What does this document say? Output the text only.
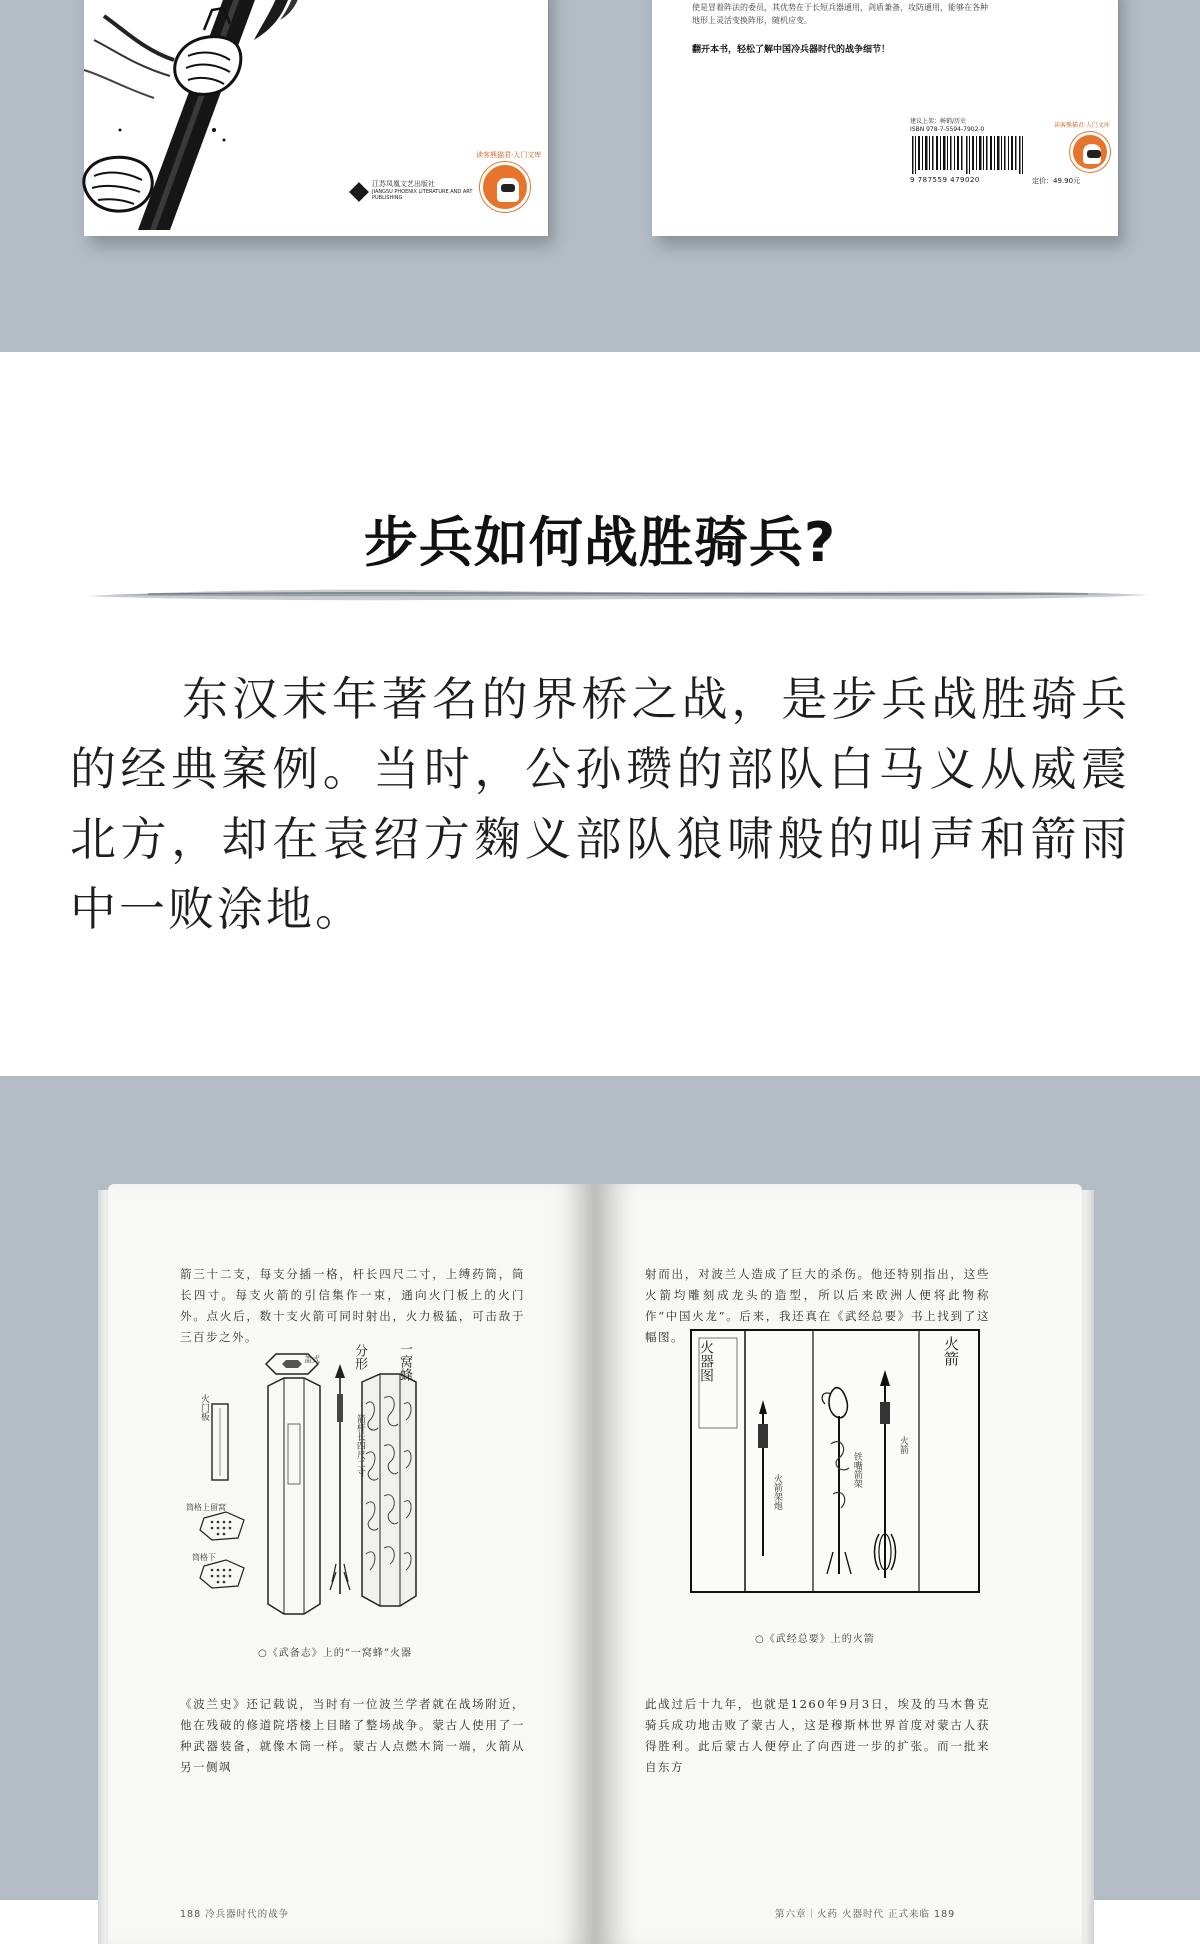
江苏凤凰文艺出版社
JIANGSU PHOENIX LITERATURE AND ART PUBLISHING
读客熊猫君·人门文库
使是冒着阵法的委员，其优势在于长短兵器通用，剑盾兼备，攻防通用，能够在各种
地形上灵活变换阵形，随机应变。
翻开本书，轻松了解中国冷兵器时代的战争细节！
建议上架：畅销/历史
ISBN 978-7-5594-7902-0
9 787559 479020	定价：49.90元
读客熊猫君·人门文库
步兵如何战胜骑兵?

东汉末年著名的界桥之战，是步兵战胜骑兵的经典案例。当时，公孙瓒的部队白马义从威震北方，却在袁绍方麴义部队狼啸般的叫声和箭雨中一败涂地。

箭三十二支，每支分插一格，杆长四尺二寸，上缚药筒，筒长四寸。每支火箭的引信集作一束，通向火门板上的火门外。点火后，数十支火箭可同时射出，火力极猛，可击敌于三百步之外。
一窝蜂
分形
盖式
火门板
箭杆长四尺二寸
筒格上留窝
筒格下
○《武备志》上的“一窝蜂”火器
《波兰史》还记载说，当时有一位波兰学者就在战场附近，他在残破的修道院塔楼上目睹了整场战争。蒙古人使用了一种武器装备，就像木筒一样。蒙古人点燃木筒一端，火箭从另一侧飒
188 冷兵器时代的战争
射而出，对波兰人造成了巨大的杀伤。他还特别指出，这些火箭均雕刻成龙头的造型，所以后来欧洲人便将此物称作“中国火龙”。后来，我还真在《武经总要》书上找到了这幅图。	火箭
火器图
火箭架炮
铁嘴箭架
火箭
○《武经总要》上的火箭
此战过后十九年，也就是1260年9月3日，埃及的马木鲁克骑兵成功地击败了蒙古人，这是穆斯林世界首度对蒙古人获得胜利。此后蒙古人便停止了向西进一步的扩张。而一批来自东方
第六章｜火药 火器时代 正式来临 189
